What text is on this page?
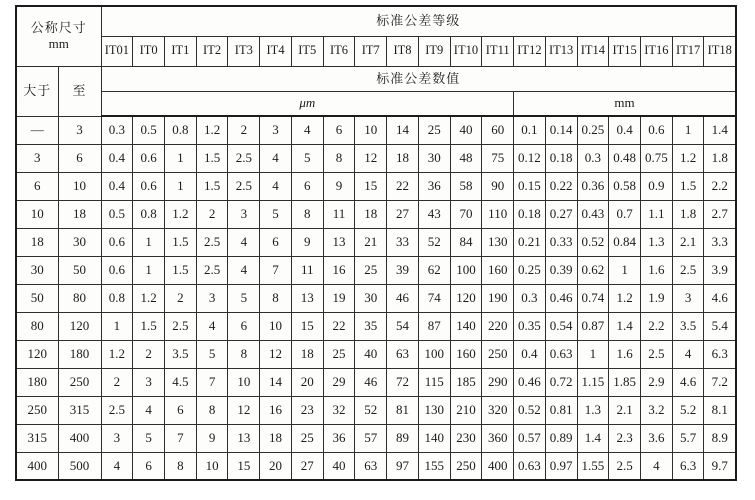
公称尺寸
mm		标准公差等级																			
		IT01	IT0	IT1	IT2	IT3	IT4	IT5	IT6	IT7	IT8	IT9	IT10	IT11	IT12	IT13	IT14	IT15	IT16	IT17	IT18
大于	至	标准公差数值																			
		μm													mm						
—	3	0.3	0.5	0.8	1.2	2	3	4	6	10	14	25	40	60	0.1	0.14	0.25	0.4	0.6	1	1.4
3	6	0.4	0.6	1	1.5	2.5	4	5	8	12	18	30	48	75	0.12	0.18	0.3	0.48	0.75	1.2	1.8
6	10	0.4	0.6	1	1.5	2.5	4	6	9	15	22	36	58	90	0.15	0.22	0.36	0.58	0.9	1.5	2.2
10	18	0.5	0.8	1.2	2	3	5	8	11	18	27	43	70	110	0.18	0.27	0.43	0.7	1.1	1.8	2.7
18	30	0.6	1	1.5	2.5	4	6	9	13	21	33	52	84	130	0.21	0.33	0.52	0.84	1.3	2.1	3.3
30	50	0.6	1	1.5	2.5	4	7	11	16	25	39	62	100	160	0.25	0.39	0.62	1	1.6	2.5	3.9
50	80	0.8	1.2	2	3	5	8	13	19	30	46	74	120	190	0.3	0.46	0.74	1.2	1.9	3	4.6
80	120	1	1.5	2.5	4	6	10	15	22	35	54	87	140	220	0.35	0.54	0.87	1.4	2.2	3.5	5.4
120	180	1.2	2	3.5	5	8	12	18	25	40	63	100	160	250	0.4	0.63	1	1.6	2.5	4	6.3
180	250	2	3	4.5	7	10	14	20	29	46	72	115	185	290	0.46	0.72	1.15	1.85	2.9	4.6	7.2
250	315	2.5	4	6	8	12	16	23	32	52	81	130	210	320	0.52	0.81	1.3	2.1	3.2	5.2	8.1
315	400	3	5	7	9	13	18	25	36	57	89	140	230	360	0.57	0.89	1.4	2.3	3.6	5.7	8.9
400	500	4	6	8	10	15	20	27	40	63	97	155	250	400	0.63	0.97	1.55	2.5	4	6.3	9.7
